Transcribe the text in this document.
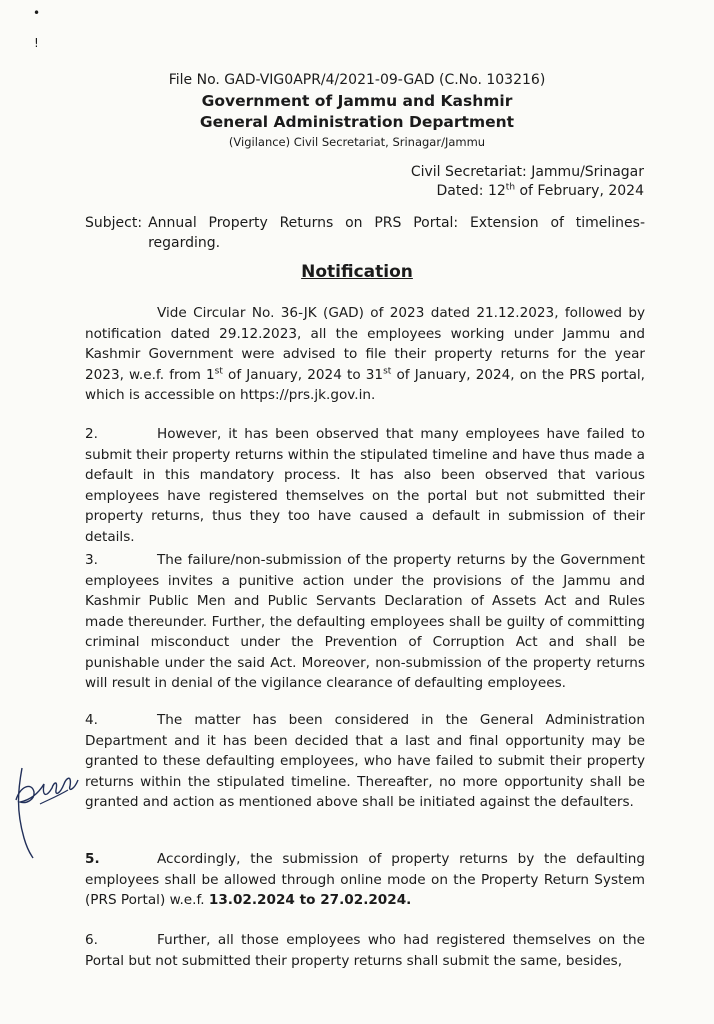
•
!
File No. GAD-VIG0APR/4/2021-09-GAD (C.No. 103216)
Government of Jammu and Kashmir
General Administration Department
(Vigilance) Civil Secretariat, Srinagar/Jammu
Civil Secretariat: Jammu/Srinagar
Dated: 12th of February, 2024
Subject: Annual Property Returns on PRS Portal: Extension of timelines- regarding.
Notification
Vide Circular No. 36-JK (GAD) of 2023 dated 21.12.2023, followed by notification dated 29.12.2023, all the employees working under Jammu and Kashmir Government were advised to file their property returns for the year 2023, w.e.f. from 1st of January, 2024 to 31st of January, 2024, on the PRS portal, which is accessible on https://prs.jk.gov.in.
2.	However, it has been observed that many employees have failed to submit their property returns within the stipulated timeline and have thus made a default in this mandatory process. It has also been observed that various employees have registered themselves on the portal but not submitted their property returns, thus they too have caused a default in submission of their details.
3.	The failure/non-submission of the property returns by the Government employees invites a punitive action under the provisions of the Jammu and Kashmir Public Men and Public Servants Declaration of Assets Act and Rules made thereunder. Further, the defaulting employees shall be guilty of committing criminal misconduct under the Prevention of Corruption Act and shall be punishable under the said Act. Moreover, non-submission of the property returns will result in denial of the vigilance clearance of defaulting employees.
4.	The matter has been considered in the General Administration Department and it has been decided that a last and final opportunity may be granted to these defaulting employees, who have failed to submit their property returns within the stipulated timeline. Thereafter, no more opportunity shall be granted and action as mentioned above shall be initiated against the defaulters.
5.	Accordingly, the submission of property returns by the defaulting employees shall be allowed through online mode on the Property Return System (PRS Portal) w.e.f. 13.02.2024 to 27.02.2024.
6.	Further, all those employees who had registered themselves on the Portal but not submitted their property returns shall submit the same, besides,
